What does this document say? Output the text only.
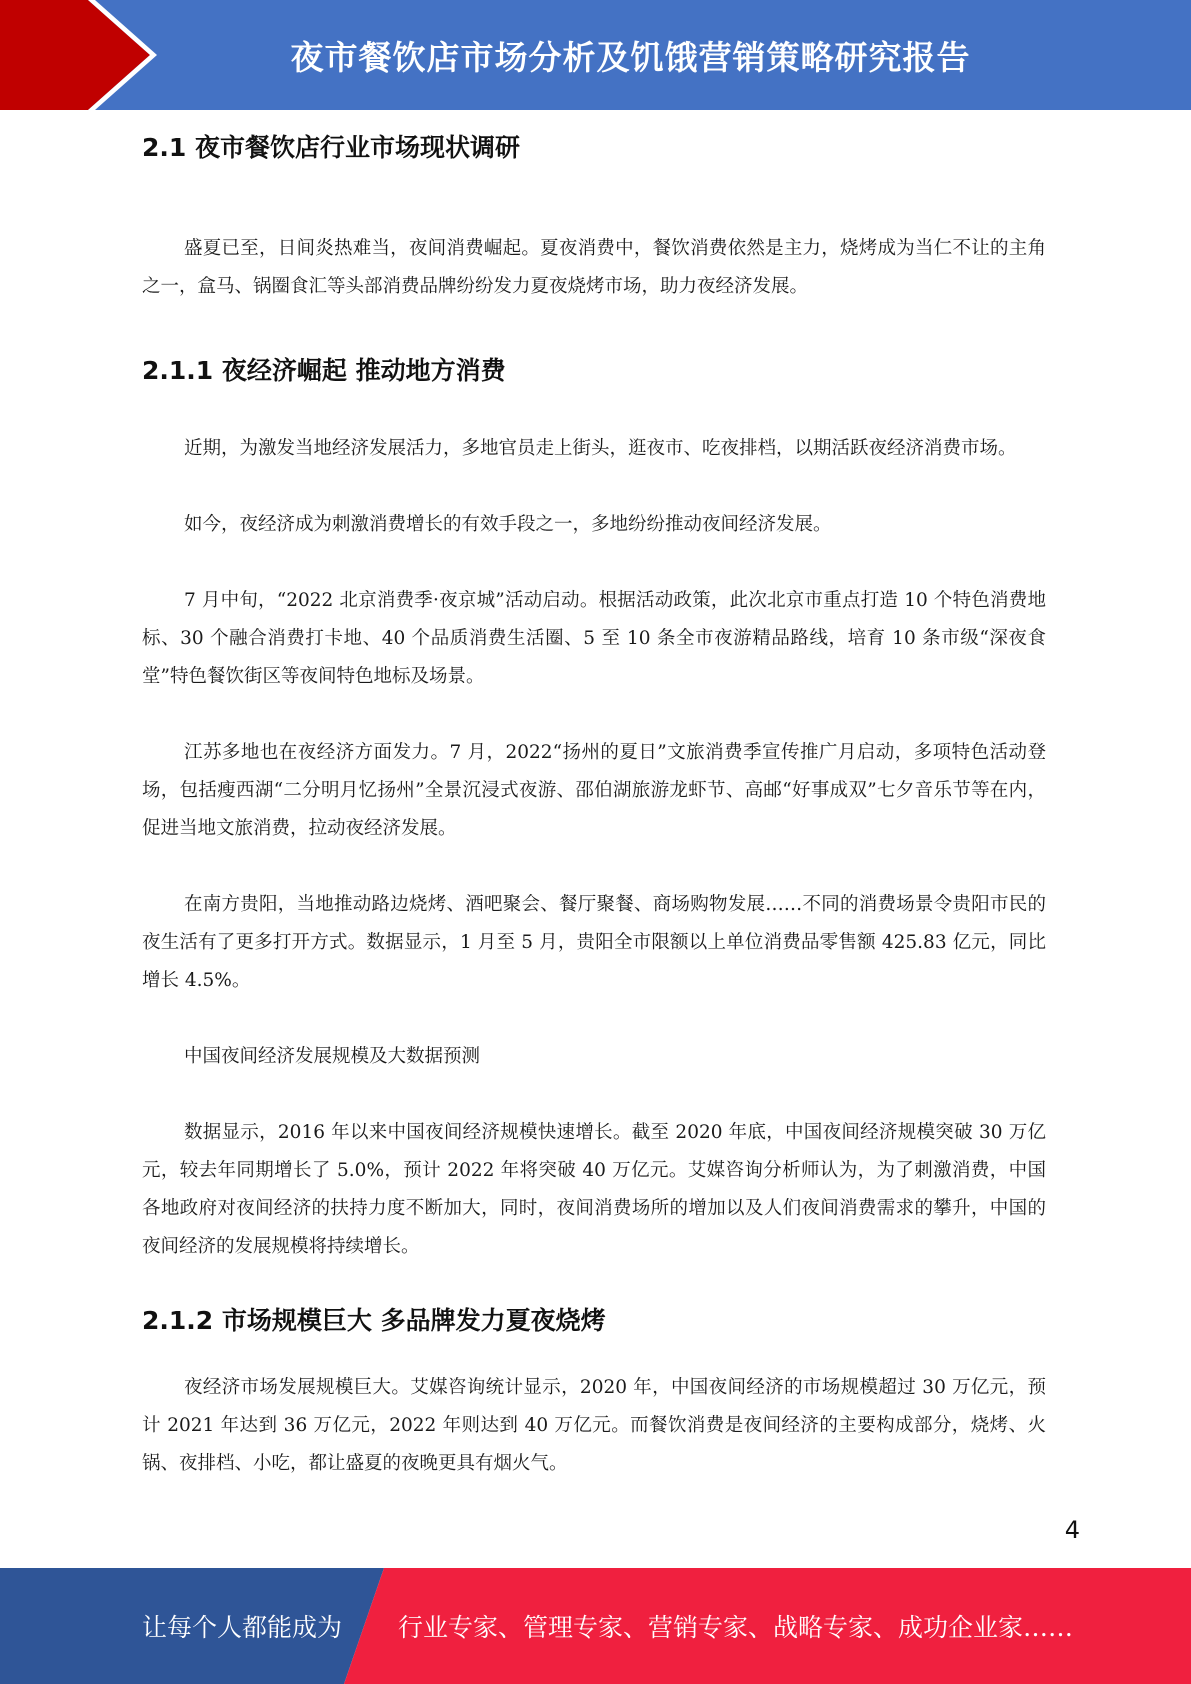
夜市餐饮店市场分析及饥饿营销策略研究报告
2.1 夜市餐饮店行业市场现状调研

盛夏已至，日间炎热难当，夜间消费崛起。夏夜消费中，餐饮消费依然是主力，烧烤成为当仁不让的主角之一，盒马、锅圈食汇等头部消费品牌纷纷发力夏夜烧烤市场，助力夜经济发展。

2.1.1 夜经济崛起 推动地方消费

近期，为激发当地经济发展活力，多地官员走上街头，逛夜市、吃夜排档，以期活跃夜经济消费市场。

如今，夜经济成为刺激消费增长的有效手段之一，多地纷纷推动夜间经济发展。

7 月中旬，“2022 北京消费季·夜京城”活动启动。根据活动政策，此次北京市重点打造 10 个特色消费地标、30 个融合消费打卡地、40 个品质消费生活圈、5 至 10 条全市夜游精品路线，培育 10 条市级“深夜食堂”特色餐饮街区等夜间特色地标及场景。

江苏多地也在夜经济方面发力。7 月，2022“扬州的夏日”文旅消费季宣传推广月启动，多项特色活动登场，包括瘦西湖“二分明月忆扬州”全景沉浸式夜游、邵伯湖旅游龙虾节、高邮“好事成双”七夕音乐节等在内，促进当地文旅消费，拉动夜经济发展。

在南方贵阳，当地推动路边烧烤、酒吧聚会、餐厅聚餐、商场购物发展……不同的消费场景令贵阳市民的夜生活有了更多打开方式。数据显示，1 月至 5 月，贵阳全市限额以上单位消费品零售额 425.83 亿元，同比增长 4.5%。

中国夜间经济发展规模及大数据预测

数据显示，2016 年以来中国夜间经济规模快速增长。截至 2020 年底，中国夜间经济规模突破 30 万亿元，较去年同期增长了 5.0%，预计 2022 年将突破 40 万亿元。艾媒咨询分析师认为，为了刺激消费，中国各地政府对夜间经济的扶持力度不断加大，同时，夜间消费场所的增加以及人们夜间消费需求的攀升，中国的夜间经济的发展规模将持续增长。

2.1.2 市场规模巨大 多品牌发力夏夜烧烤

夜经济市场发展规模巨大。艾媒咨询统计显示，2020 年，中国夜间经济的市场规模超过 30 万亿元，预计 2021 年达到 36 万亿元，2022 年则达到 40 万亿元。而餐饮消费是夜间经济的主要构成部分，烧烤、火锅、夜排档、小吃，都让盛夏的夜晚更具有烟火气。

4
让每个人都能成为 行业专家、管理专家、营销专家、战略专家、成功企业家……
